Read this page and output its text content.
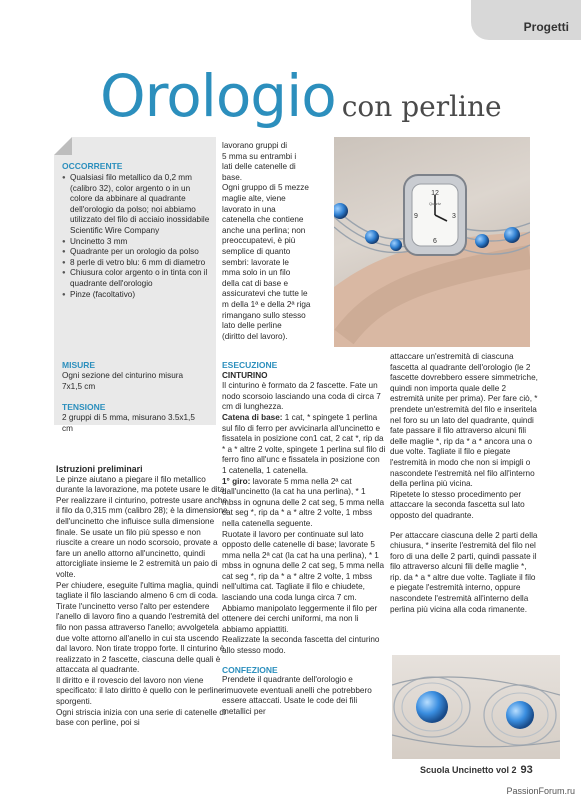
Progetti
Orologio con perline
OCCORRENTE
● Qualsiasi filo metallico da 0,2 mm (calibro 32), color argento o in un colore da abbinare al quadrante dell'orologio da polso; noi abbiamo utilizzato del filo di acciaio inossidabile Scientific Wire Company
● Uncinetto 3 mm
● Quadrante per un orologio da polso
● 8 perle di vetro blu: 6 mm di diametro
● Chiusura color argento o in tinta con il quadrante dell'orologio
● Pinze (facoltativo)
MISURE

Ogni sezione del cinturino misura 7x1,5 cm

TENSIONE

2 gruppi di 5 mma, misurano 3.5x1,5 cm

lavorano gruppi di

5 mma su entrambi i

lati delle catenelle di

base.

Ogni gruppo di 5 mezze

maglie alte, viene

lavorato in una

catenella che contiene

anche una perlina; non

preoccupatevi, è più

semplice di quanto

sembri: lavorate le

mma solo in un filo

della cat di base e

assicuratevi che tutte le

m della 1ª e della 2ª riga

rimangano sullo stesso

lato delle perline

(diritto del lavoro).

12
3
6
9
Quartz

Istruzioni preliminari

Le pinze aiutano a piegare il filo metallico durante la lavorazione, ma potete usare le dita. Per realizzare il cinturino, potreste usare anche il filo da 0,315 mm (calibro 28); è la dimensione dell'uncinetto che influisce sulla dimensione finale. Se usate un filo più spesso e non riuscite a creare un nodo scorsoio, provate a fare un anello attorno all'uncinetto, quindi attorcigliate insieme le 2 estremità un paio di volte.

Per chiudere, eseguite l'ultima maglia, quindi tagliate il filo lasciando almeno 6 cm di coda. Tirate l'uncinetto verso l'alto per estendere l'anello di lavoro fino a quando l'estremità del filo non passa attraverso l'anello; avvolgetela due volte attorno all'anello in cui sta uscendo dal lavoro. Non tirate troppo forte. Il cinturino è realizzato in 2 fascette, ciascuna delle quali è attaccata al quadrante.

Il diritto e il rovescio del lavoro non viene specificato: il lato diritto è quello con le perline sporgenti.

Ogni striscia inizia con una serie di catenelle di base con perline, poi si

ESECUZIONE

CINTURINO

Il cinturino è formato da 2 fascette. Fate un nodo scorsoio lasciando una coda di circa 7 cm di lunghezza.

Catena di base: 1 cat, * spingete 1 perlina sul filo di ferro per avvicinarla all'uncinetto e fissatela in posizione con1 cat, 2 cat *, rip da * a * altre 2 volte, spingete 1 perlina sul filo di ferro fino all'unc e fissatela in posizione con 1 catenella, 1 catenella.

1° giro: lavorate 5 mma nella 2ª cat dall'uncinetto (la cat ha una perlina), * 1 mbss in ognuna delle 2 cat seg, 5 mma nella cat seg *, rip da * a * altre 2 volte, 1 mbss nella catenella seguente.

Ruotate il lavoro per continuate sul lato opposto delle catenelle di base; lavorate 5 mma nella 2ª cat (la cat ha una perlina), * 1 mbss in ognuna delle 2 cat seg, 5 mma nella cat seg *, rip da * a * altre 2 volte, 1 mbss nell'ultima cat. Tagliate il filo e chiudete, lasciando una coda lunga circa 7 cm.

Abbiamo manipolato leggermente il filo per ottenere dei cerchi uniformi, ma non li abbiamo appiattiti.

Realizzate la seconda fascetta del cinturino allo stesso modo.

CONFEZIONE

Prendete il quadrante dell'orologio e rimuovete eventuali anelli che potrebbero essere attaccati. Usate le code dei fili metallici per

attaccare un'estremità di ciascuna fascetta al quadrante dell'orologio (le 2 fascette dovrebbero essere simmetriche, quindi non importa quale delle 2 estremità unite per prima). Per fare ciò, * prendete un'estremità del filo e inseritela nel foro su un lato del quadrante, quindi fate passare il filo attraverso alcuni fili delle maglie *, rip da * a * ancora una o due volte. Tagliate il filo e piegate l'estremità in modo che non si impigli o nascondete l'estremità nel filo all'interno della perlina più vicina.

Ripetete lo stesso procedimento per attaccare la seconda fascetta sul lato opposto del quadrante.

Per attaccare ciascuna delle 2 parti della chiusura, * inserite l'estremità del filo nel foro di una delle 2 parti, quindi passate il filo attraverso alcuni fili delle maglie *, rip. da * a * altre due volte. Tagliate il filo e piegate l'estremità interno, oppure nascondete l'estremità all'interno della perlina più vicina alla coda rimanente.

Scuola Uncinetto vol 2 93
PassionForum.ru
